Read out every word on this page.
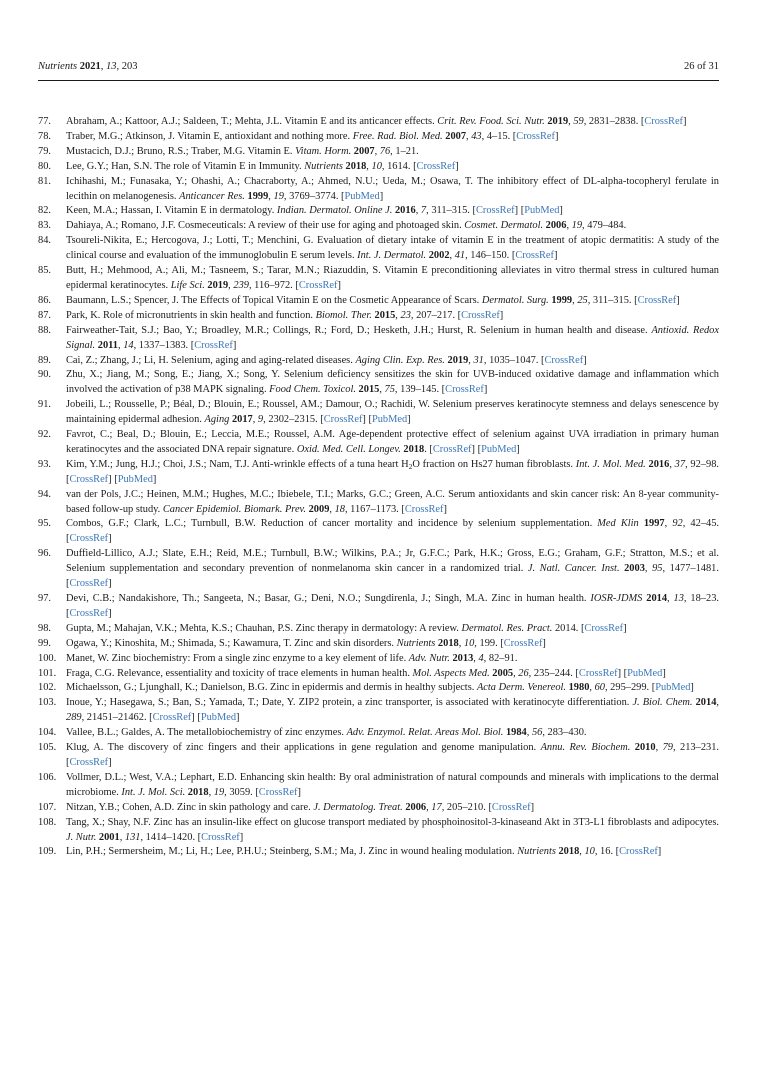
Nutrients 2021, 13, 203	26 of 31
77.	Abraham, A.; Kattoor, A.J.; Saldeen, T.; Mehta, J.L. Vitamin E and its anticancer effects. Crit. Rev. Food. Sci. Nutr. 2019, 59, 2831–2838. [CrossRef]
78.	Traber, M.G.; Atkinson, J. Vitamin E, antioxidant and nothing more. Free. Rad. Biol. Med. 2007, 43, 4–15. [CrossRef]
79.	Mustacich, D.J.; Bruno, R.S.; Traber, M.G. Vitamin E. Vitam. Horm. 2007, 76, 1–21.
80.	Lee, G.Y.; Han, S.N. The role of Vitamin E in Immunity. Nutrients 2018, 10, 1614. [CrossRef]
81.	Ichihashi, M.; Funasaka, Y.; Ohashi, A.; Chacraborty, A.; Ahmed, N.U.; Ueda, M.; Osawa, T. The inhibitory effect of DL-alpha-tocopheryl ferulate in lecithin on melanogenesis. Anticancer Res. 1999, 19, 3769–3774. [PubMed]
82.	Keen, M.A.; Hassan, I. Vitamin E in dermatology. Indian. Dermatol. Online J. 2016, 7, 311–315. [CrossRef] [PubMed]
83.	Dahiaya, A.; Romano, J.F. Cosmeceuticals: A review of their use for aging and photoaged skin. Cosmet. Dermatol. 2006, 19, 479–484.
84.	Tsoureli-Nikita, E.; Hercogova, J.; Lotti, T.; Menchini, G. Evaluation of dietary intake of vitamin E in the treatment of atopic dermatitis: A study of the clinical course and evaluation of the immunoglobulin E serum levels. Int. J. Dermatol. 2002, 41, 146–150. [CrossRef]
85.	Butt, H.; Mehmood, A.; Ali, M.; Tasneem, S.; Tarar, M.N.; Riazuddin, S. Vitamin E preconditioning alleviates in vitro thermal stress in cultured human epidermal keratinocytes. Life Sci. 2019, 239, 116–972. [CrossRef]
86.	Baumann, L.S.; Spencer, J. The Effects of Topical Vitamin E on the Cosmetic Appearance of Scars. Dermatol. Surg. 1999, 25, 311–315. [CrossRef]
87.	Park, K. Role of micronutrients in skin health and function. Biomol. Ther. 2015, 23, 207–217. [CrossRef]
88.	Fairweather-Tait, S.J.; Bao, Y.; Broadley, M.R.; Collings, R.; Ford, D.; Hesketh, J.H.; Hurst, R. Selenium in human health and disease. Antioxid. Redox Signal. 2011, 14, 1337–1383. [CrossRef]
89.	Cai, Z.; Zhang, J.; Li, H. Selenium, aging and aging-related diseases. Aging Clin. Exp. Res. 2019, 31, 1035–1047. [CrossRef]
90.	Zhu, X.; Jiang, M.; Song, E.; Jiang, X.; Song, Y. Selenium deficiency sensitizes the skin for UVB-induced oxidative damage and inflammation which involved the activation of p38 MAPK signaling. Food Chem. Toxicol. 2015, 75, 139–145. [CrossRef]
91.	Jobeili, L.; Rousselle, P.; Béal, D.; Blouin, E.; Roussel, AM.; Damour, O.; Rachidi, W. Selenium preserves keratinocyte stemness and delays senescence by maintaining epidermal adhesion. Aging 2017, 9, 2302–2315. [CrossRef] [PubMed]
92.	Favrot, C.; Beal, D.; Blouin, E.; Leccia, M.E.; Roussel, A.M. Age-dependent protective effect of selenium against UVA irradiation in primary human keratinocytes and the associated DNA repair signature. Oxid. Med. Cell. Longev. 2018. [CrossRef] [PubMed]
93.	Kim, Y.M.; Jung, H.J.; Choi, J.S.; Nam, T.J. Anti-wrinkle effects of a tuna heart $H_2O$ fraction on Hs27 human fibroblasts. Int. J. Mol. Med. 2016, 37, 92–98. [CrossRef] [PubMed]
94.	van der Pols, J.C.; Heinen, M.M.; Hughes, M.C.; Ibiebele, T.I.; Marks, G.C.; Green, A.C. Serum antioxidants and skin cancer risk: An 8-year community-based follow-up study. Cancer Epidemiol. Biomark. Prev. 2009, 18, 1167–1173. [CrossRef]
95.	Combos, G.F.; Clark, L.C.; Turnbull, B.W. Reduction of cancer mortality and incidence by selenium supplementation. Med Klin 1997, 92, 42–45. [CrossRef]
96.	Duffield-Lillico, A.J.; Slate, E.H.; Reid, M.E.; Turnbull, B.W.; Wilkins, P.A.; Jr, G.F.C.; Park, H.K.; Gross, E.G.; Graham, G.F.; Stratton, M.S.; et al. Selenium supplementation and secondary prevention of nonmelanoma skin cancer in a randomized trial. J. Natl. Cancer. Inst. 2003, 95, 1477–1481. [CrossRef]
97.	Devi, C.B.; Nandakishore, Th.; Sangeeta, N.; Basar, G.; Deni, N.O.; Sungdirenla, J.; Singh, M.A. Zinc in human health. IOSR-JDMS 2014, 13, 18–23. [CrossRef]
98.	Gupta, M.; Mahajan, V.K.; Mehta, K.S.; Chauhan, P.S. Zinc therapy in dermatology: A review. Dermatol. Res. Pract. 2014. [CrossRef]
99.	Ogawa, Y.; Kinoshita, M.; Shimada, S.; Kawamura, T. Zinc and skin disorders. Nutrients 2018, 10, 199. [CrossRef]
100. Manet, W. Zinc biochemistry: From a single zinc enzyme to a key element of life. Adv. Nutr. 2013, 4, 82–91.
101. Fraga, C.G. Relevance, essentiality and toxicity of trace elements in human health. Mol. Aspects Med. 2005, 26, 235–244. [CrossRef] [PubMed]
102. Michaelsson, G.; Ljunghall, K.; Danielson, B.G. Zinc in epidermis and dermis in healthy subjects. Acta Derm. Venereol. 1980, 60, 295–299. [PubMed]
103. Inoue, Y.; Hasegawa, S.; Ban, S.; Yamada, T.; Date, Y. ZIP2 protein, a zinc transporter, is associated with keratinocyte differentiation. J. Biol. Chem. 2014, 289, 21451–21462. [CrossRef] [PubMed]
104. Vallee, B.L.; Galdes, A. The metallobiochemistry of zinc enzymes. Adv. Enzymol. Relat. Areas Mol. Biol. 1984, 56, 283–430.
105. Klug, A. The discovery of zinc fingers and their applications in gene regulation and genome manipulation. Annu. Rev. Biochem. 2010, 79, 213–231. [CrossRef]
106. Vollmer, D.L.; West, V.A.; Lephart, E.D. Enhancing skin health: By oral administration of natural compounds and minerals with implications to the dermal microbiome. Int. J. Mol. Sci. 2018, 19, 3059. [CrossRef]
107. Nitzan, Y.B.; Cohen, A.D. Zinc in skin pathology and care. J. Dermatolog. Treat. 2006, 17, 205–210. [CrossRef]
108. Tang, X.; Shay, N.F. Zinc has an insulin-like effect on glucose transport mediated by phosphoinositol-3-kinaseand Akt in 3T3-L1 fibroblasts and adipocytes. J. Nutr. 2001, 131, 1414–1420. [CrossRef]
109. Lin, P.H.; Sermersheim, M.; Li, H.; Lee, P.H.U.; Steinberg, S.M.; Ma, J. Zinc in wound healing modulation. Nutrients 2018, 10, 16. [CrossRef]
